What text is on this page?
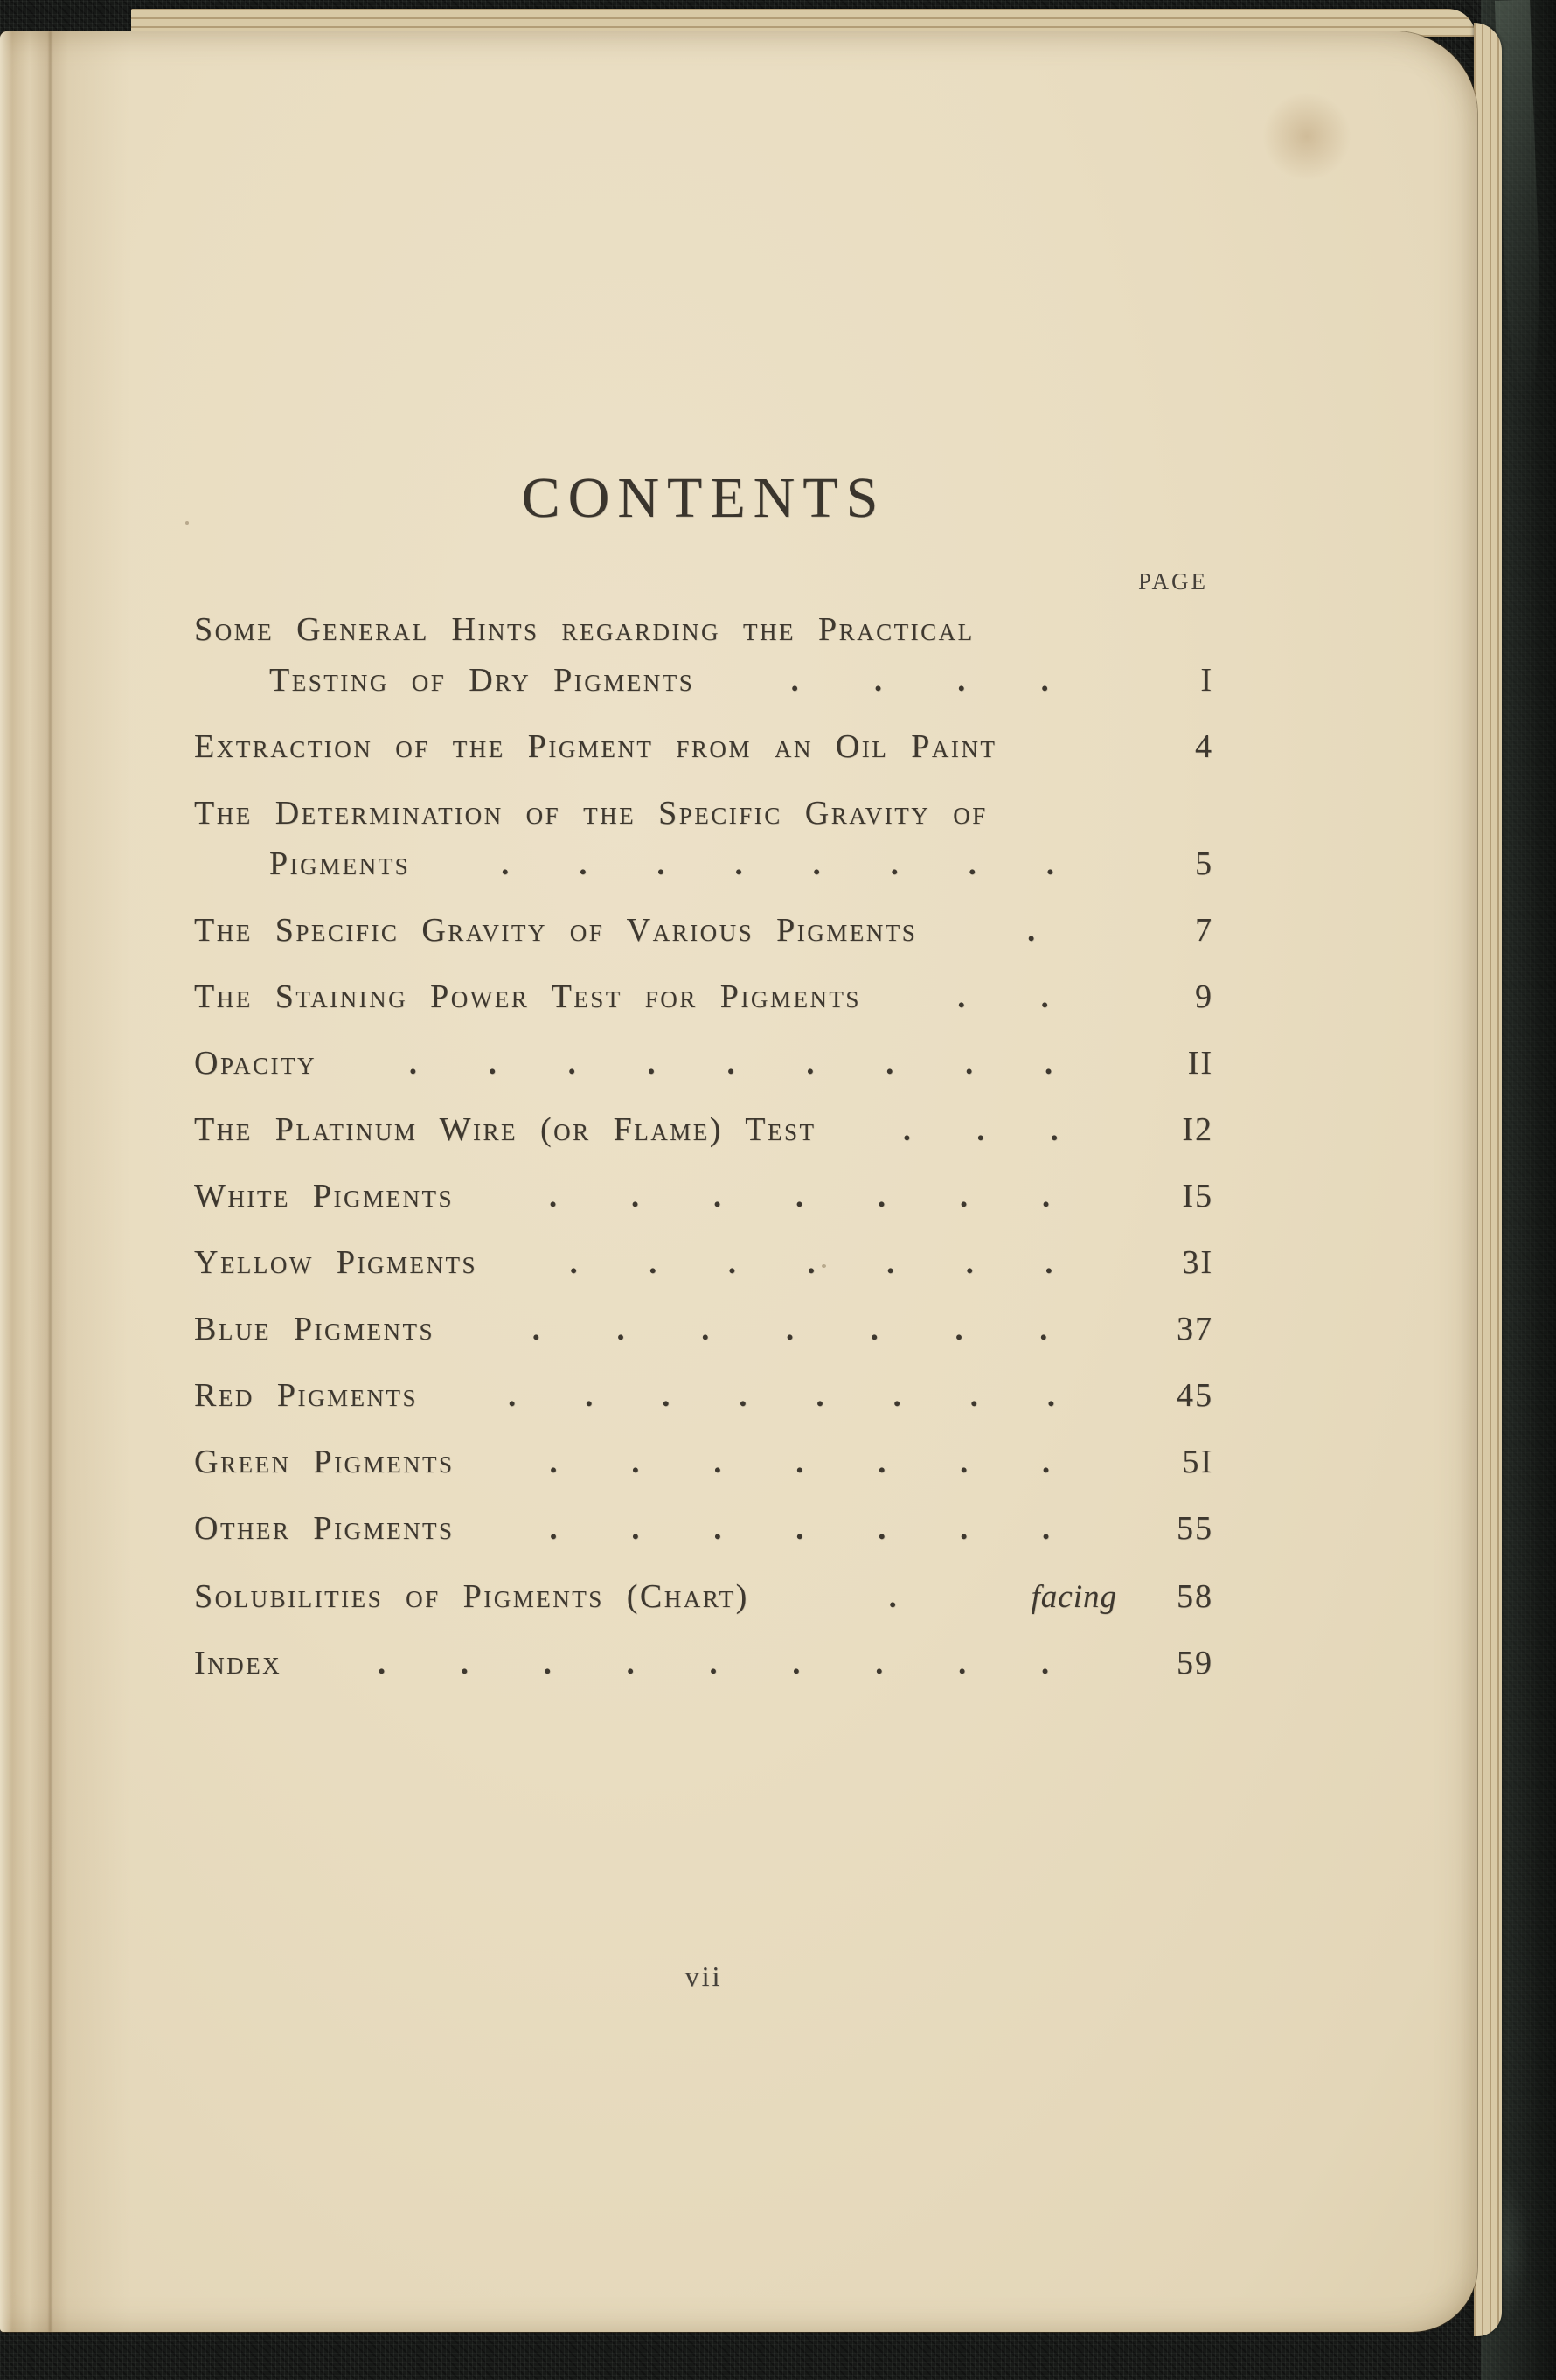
CONTENTS
PAGE
Some General Hints regarding the Practical
Testing of Dry Pigments	. . . .	I
Extraction of the Pigment from an Oil Paint	4
The Determination of the Specific Gravity of
Pigments	. . . . . . . .	5
The Specific Gravity of Various Pigments	.	7
The Staining Power Test for Pigments	. .	9
Opacity	. . . . . . . . .	II
The Platinum Wire (or Flame) Test	. . .	I2
White Pigments	. . . . . . .	I5
Yellow Pigments	. . . . . . .	3I
Blue Pigments	. . . . . . .	37
Red Pigments	. . . . . . . .	45
Green Pigments	. . . . . . .	5I
Other Pigments	. . . . . . .	55
Solubilities of Pigments (Chart)	.	facing	58
Index	. . . . . . . . .	59
vii
